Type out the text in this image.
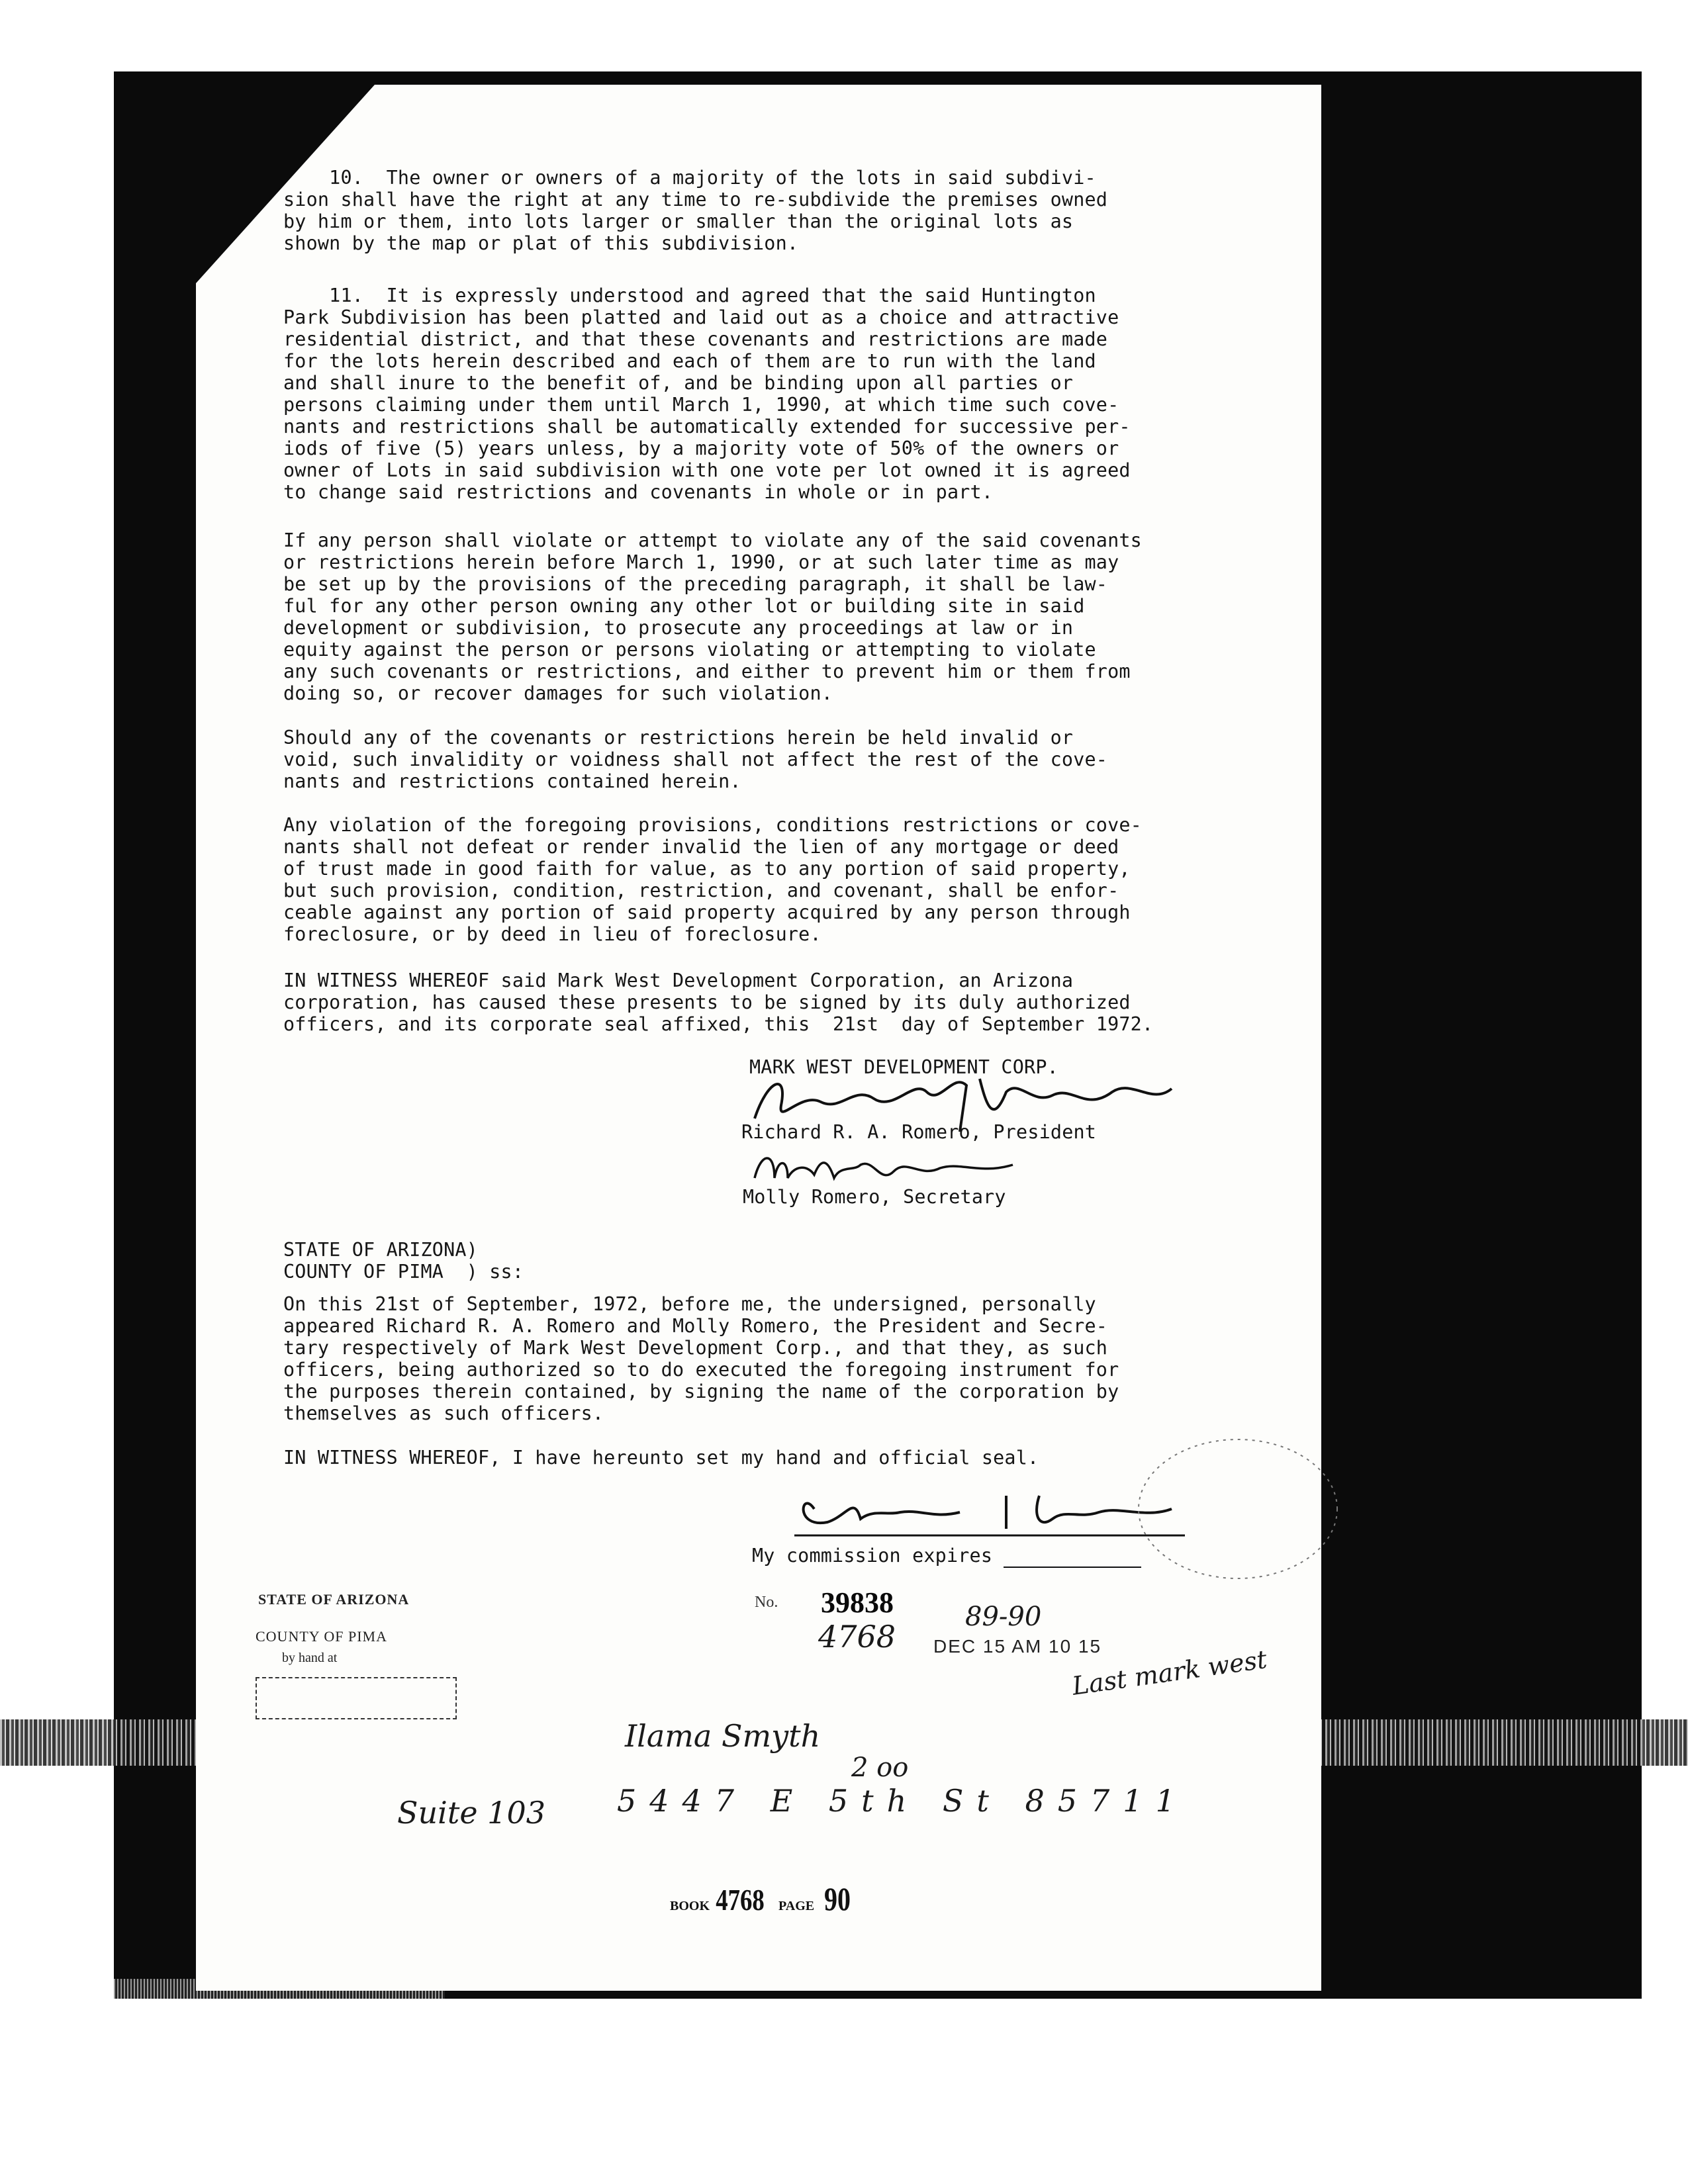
10.  The owner or owners of a majority of the lots in said subdivi-
sion shall have the right at any time to re-subdivide the premises owned
by him or them, into lots larger or smaller than the original lots as
shown by the map or plat of this subdivision.
11.  It is expressly understood and agreed that the said Huntington
Park Subdivision has been platted and laid out as a choice and attractive
residential district, and that these covenants and restrictions are made
for the lots herein described and each of them are to run with the land
and shall inure to the benefit of, and be binding upon all parties or
persons claiming under them until March 1, 1990, at which time such cove-
nants and restrictions shall be automatically extended for successive per-
iods of five (5) years unless, by a majority vote of 50% of the owners or
owner of Lots in said subdivision with one vote per lot owned it is agreed
to change said restrictions and covenants in whole or in part.
If any person shall violate or attempt to violate any of the said covenants
or restrictions herein before March 1, 1990, or at such later time as may
be set up by the provisions of the preceding paragraph, it shall be law-
ful for any other person owning any other lot or building site in said
development or subdivision, to prosecute any proceedings at law or in
equity against the person or persons violating or attempting to violate
any such covenants or restrictions, and either to prevent him or them from
doing so, or recover damages for such violation.
Should any of the covenants or restrictions herein be held invalid or
void, such invalidity or voidness shall not affect the rest of the cove-
nants and restrictions contained herein.
Any violation of the foregoing provisions, conditions restrictions or cove-
nants shall not defeat or render invalid the lien of any mortgage or deed
of trust made in good faith for value, as to any portion of said property,
but such provision, condition, restriction, and covenant, shall be enfor-
ceable against any portion of said property acquired by any person through
foreclosure, or by deed in lieu of foreclosure.
IN WITNESS WHEREOF said Mark West Development Corporation, an Arizona
corporation, has caused these presents to be signed by its duly authorized
officers, and its corporate seal affixed, this  21st  day of September 1972.
MARK WEST DEVELOPMENT CORP.
Richard R. A. Romero, President
Molly Romero, Secretary
STATE OF ARIZONA)
COUNTY OF PIMA  ) ss:
On this 21st of September, 1972, before me, the undersigned, personally
appeared Richard R. A. Romero and Molly Romero, the President and Secre-
tary respectively of Mark West Development Corp., and that they, as such
officers, being authorized so to do executed the foregoing instrument for
the purposes therein contained, by signing the name of the corporation by
themselves as such officers.
IN WITNESS WHEREOF, I have hereunto set my hand and official seal.
My commission expires
STATE OF ARIZONA
COUNTY OF PIMA
by hand at
No. 39838
4768
89-90
DEC 15 AM 10 15
Last mark west
Ilama Smyth
2 oo
Suite 103 5447 E 5th St 85711
BOOK 4768 PAGE 90
